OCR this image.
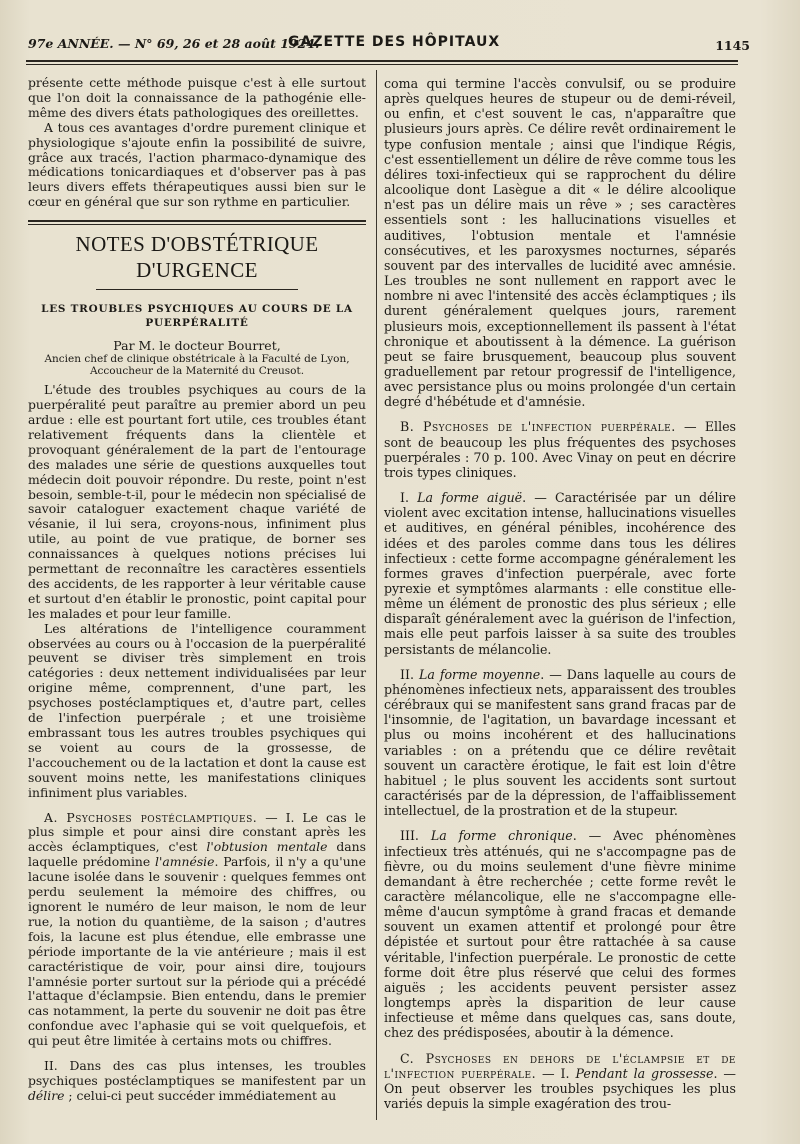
97e ANNÉE. — N° 69, 26 et 28 août 1924.
GAZETTE DES HÔPITAUX	1145

présente cette méthode puisque c'est à elle surtout que l'on doit la connaissance de la pathogénie elle-même des divers états pathologiques des oreillettes.

A tous ces avantages d'ordre purement clinique et physiologique s'ajoute enfin la possibilité de suivre, grâce aux tracés, l'action pharmaco-dynamique des médications tonicardiaques et d'observer pas à pas leurs divers effets thérapeutiques aussi bien sur le cœur en général que sur son rythme en particulier.

NOTES D'OBSTÉTRIQUE D'URGENCE
LES TROUBLES PSYCHIQUES AU COURS DE LA PUERPÉRALITÉ
Par M. le docteur Bourret,
Ancien chef de clinique obstétricale à la Faculté de Lyon, Accoucheur de la Maternité du Creusot.

L'étude des troubles psychiques au cours de la puerpéralité peut paraître au premier abord un peu ardue : elle est pourtant fort utile, ces troubles étant relativement fréquents dans la clientèle et provoquant généralement de la part de l'entourage des malades une série de questions auxquelles tout médecin doit pouvoir répondre. Du reste, point n'est besoin, semble-t-il, pour le médecin non spécialisé de savoir cataloguer exactement chaque variété de vésanie, il lui sera, croyons-nous, infiniment plus utile, au point de vue pratique, de borner ses connaissances à quelques notions précises lui permettant de reconnaître les caractères essentiels des accidents, de les rapporter à leur véritable cause et surtout d'en établir le pronostic, point capital pour les malades et pour leur famille.

Les altérations de l'intelligence couramment observées au cours ou à l'occasion de la puerpéralité peuvent se diviser très simplement en trois catégories : deux nettement individualisées par leur origine même, comprennent, d'une part, les psychoses postéclamptiques et, d'autre part, celles de l'infection puerpérale ; et une troisième embrassant tous les autres troubles psychiques qui se voient au cours de la grossesse, de l'accouchement ou de la lactation et dont la cause est souvent moins nette, les manifestations cliniques infiniment plus variables.

A. Psychoses postéclamptiques. — I. Le cas le plus simple et pour ainsi dire constant après les accès éclamptiques, c'est l'obtusion mentale dans laquelle prédomine l'amnésie. Parfois, il n'y a qu'une lacune isolée dans le souvenir : quelques femmes ont perdu seulement la mémoire des chiffres, ou ignorent le numéro de leur maison, le nom de leur rue, la notion du quantième, de la saison ; d'autres fois, la lacune est plus étendue, elle embrasse une période importante de la vie antérieure ; mais il est caractéristique de voir, pour ainsi dire, toujours l'amnésie porter surtout sur la période qui a précédé l'attaque d'éclampsie. Bien entendu, dans le premier cas notamment, la perte du souvenir ne doit pas être confondue avec l'aphasie qui se voit quelquefois, et qui peut être limitée à certains mots ou chiffres.

II. Dans des cas plus intenses, les troubles psychiques postéclamptiques se manifestent par un délire ; celui-ci peut succéder immédiatement au

coma qui termine l'accès convulsif, ou se produire après quelques heures de stupeur ou de demi-réveil, ou enfin, et c'est souvent le cas, n'apparaître que plusieurs jours après. Ce délire revêt ordinairement le type confusion mentale ; ainsi que l'indique Régis, c'est essentiellement un délire de rêve comme tous les délires toxi-infectieux qui se rapprochent du délire alcoolique dont Lasègue a dit « le délire alcoolique n'est pas un délire mais un rêve » ; ses caractères essentiels sont : les hallucinations visuelles et auditives, l'obtusion mentale et l'amnésie consécutives, et les paroxysmes nocturnes, séparés souvent par des intervalles de lucidité avec amnésie. Les troubles ne sont nullement en rapport avec le nombre ni avec l'intensité des accès éclamptiques ; ils durent généralement quelques jours, rarement plusieurs mois, exceptionnellement ils passent à l'état chronique et aboutissent à la démence. La guérison peut se faire brusquement, beaucoup plus souvent graduellement par retour progressif de l'intelligence, avec persistance plus ou moins prolongée d'un certain degré d'hébétude et d'amnésie.

B. Psychoses de l'infection puerpérale. — Elles sont de beaucoup les plus fréquentes des psychoses puerpérales : 70 p. 100. Avec Vinay on peut en décrire trois types cliniques.

I. La forme aiguë. — Caractérisée par un délire violent avec excitation intense, hallucinations visuelles et auditives, en général pénibles, incohérence des idées et des paroles comme dans tous les délires infectieux : cette forme accompagne généralement les formes graves d'infection puerpérale, avec forte pyrexie et symptômes alarmants : elle constitue elle-même un élément de pronostic des plus sérieux ; elle disparaît généralement avec la guérison de l'infection, mais elle peut parfois laisser à sa suite des troubles persistants de mélancolie.

II. La forme moyenne. — Dans laquelle au cours de phénomènes infectieux nets, apparaissent des troubles cérébraux qui se manifestent sans grand fracas par de l'insomnie, de l'agitation, un bavardage incessant et plus ou moins incohérent et des hallucinations variables : on a prétendu que ce délire revêtait souvent un caractère érotique, le fait est loin d'être habituel ; le plus souvent les accidents sont surtout caractérisés par de la dépression, de l'affaiblissement intellectuel, de la prostration et de la stupeur.

III. La forme chronique. — Avec phénomènes infectieux très atténués, qui ne s'accompagne pas de fièvre, ou du moins seulement d'une fièvre minime demandant à être recherchée ; cette forme revêt le caractère mélancolique, elle ne s'accompagne elle-même d'aucun symptôme à grand fracas et demande souvent un examen attentif et prolongé pour être dépistée et surtout pour être rattachée à sa cause véritable, l'infection puerpérale. Le pronostic de cette forme doit être plus réservé que celui des formes aiguës ; les accidents peuvent persister assez longtemps après la disparition de leur cause infectieuse et même dans quelques cas, sans doute, chez des prédisposées, aboutir à la démence.

C. Psychoses en dehors de l'éclampsie et de l'infection puerpérale. — I. Pendant la grossesse. — On peut observer les troubles psychiques les plus variés depuis la simple exagération des trou-
